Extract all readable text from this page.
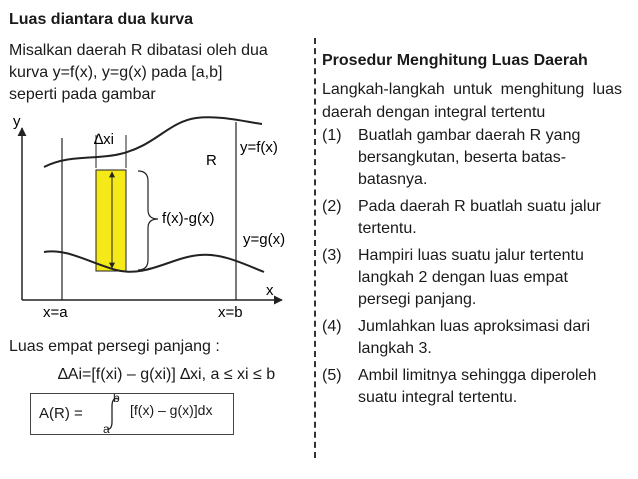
Luas diantara dua kurva
Misalkan daerah R dibatasi oleh dua
kurva y=f(x), y=g(x) pada [a,b]
seperti pada gambar
y
x
∆xi
R
y=f(x)
y=g(x)
f(x)-g(x)
x=a	x=b
Luas empat persegi panjang :
∆Ai=[f(xi) – g(xi)] ∆xi, a ≤ xi ≤ b
A(R) =
b
a
[f(x) – g(x)]dx
Prosedur Menghitung Luas Daerah
Langkah-langkah untuk menghitung luas daerah dengan integral tertentu
(1)	Buatlah gambar daerah R yang bersangkutan, beserta batas-batasnya.
(2)	Pada daerah R buatlah suatu jalur tertentu.
(3)	Hampiri luas suatu jalur tertentu langkah 2 dengan luas empat persegi panjang.
(4)	Jumlahkan luas aproksimasi dari langkah 3.
(5)	Ambil limitnya sehingga diperoleh suatu integral tertentu.
